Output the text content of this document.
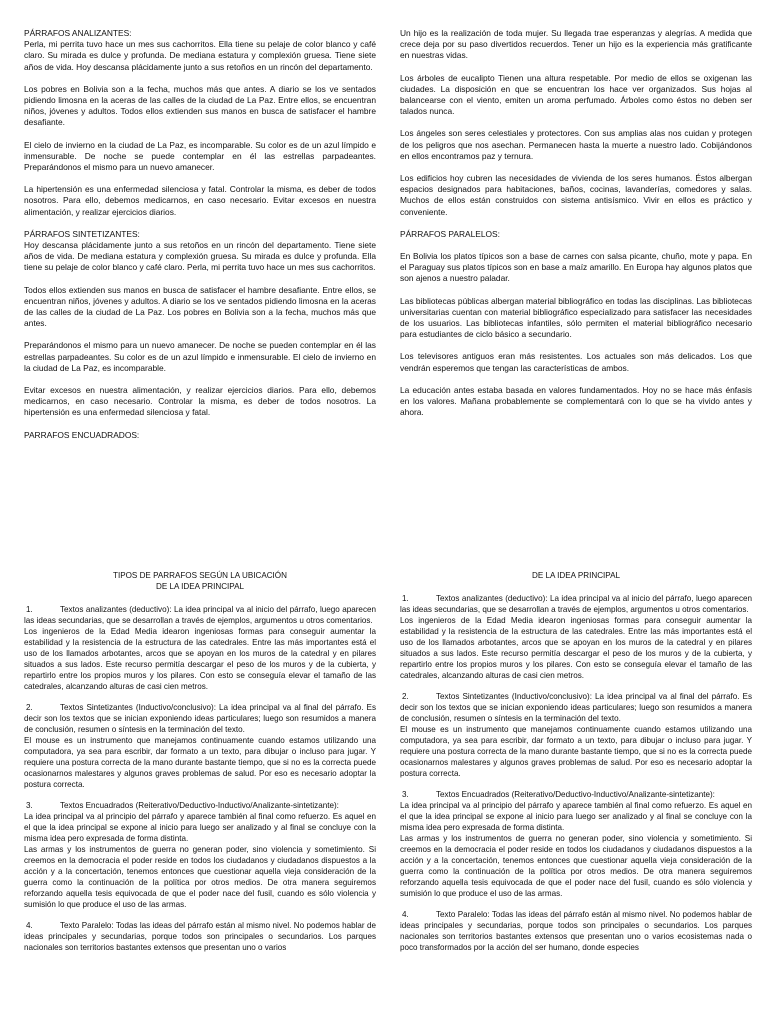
PÁRRAFOS ANALIZANTES:

Perla, mi perrita tuvo hace un mes sus cachorritos. Ella tiene su pelaje de color blanco y café claro. Su mirada es dulce y profunda. De mediana estatura y complexión gruesa. Tiene siete años de vida. Hoy descansa plácidamente junto a sus retoños en un rincón del departamento.

Los pobres en Bolivia son a la fecha, muchos más que antes. A diario se los ve sentados pidiendo limosna en la aceras de las calles de la ciudad de La Paz. Entre ellos, se encuentran niños, jóvenes y adultos. Todos ellos extienden sus manos en busca de satisfacer el hambre desafiante.

El cielo de invierno en la ciudad de La Paz, es incomparable. Su color es de un azul límpido e inmensurable. De noche se puede contemplar en él las estrellas parpadeantes. Preparándonos el mismo para un nuevo amanecer.

La hipertensión es una enfermedad silenciosa y fatal. Controlar la misma, es deber de todos nosotros. Para ello, debemos medicarnos, en caso necesario. Evitar excesos en nuestra alimentación, y realizar ejercicios diarios.

PÁRRAFOS SINTETIZANTES:

Hoy descansa plácidamente junto a sus retoños en un rincón del departamento. Tiene siete años de vida. De mediana estatura y complexión gruesa. Su mirada es dulce y profunda. Ella tiene su pelaje de color blanco y café claro. Perla, mi perrita tuvo hace un mes sus cachorritos.

Todos ellos extienden sus manos en busca de satisfacer el hambre desafiante. Entre ellos, se encuentran niños, jóvenes y adultos. A diario se los ve sentados pidiendo limosna en la aceras de las calles de la ciudad de La Paz. Los pobres en Bolivia son a la fecha, muchos más que antes.

Preparándonos el mismo para un nuevo amanecer. De noche se pueden contemplar en él las estrellas parpadeantes. Su color es de un azul límpido e inmensurable. El cielo de invierno en la ciudad de La Paz, es incomparable.

Evitar excesos en nuestra alimentación, y realizar ejercicios diarios. Para ello, debemos medicarnos, en caso necesario. Controlar la misma, es deber de todos nosotros. La hipertensión es una enfermedad silenciosa y fatal.

PARRAFOS ENCUADRADOS:

Un hijo es la realización de toda mujer. Su llegada trae esperanzas y alegrías. A medida que crece deja por su paso divertidos recuerdos. Tener un hijo es la experiencia más gratificante en nuestras vidas.

Los árboles de eucalipto Tienen una altura respetable. Por medio de ellos se oxigenan las ciudades. La disposición en que se encuentran los hace ver organizados. Sus hojas al balancearse con el viento, emiten un aroma perfumado. Árboles como éstos no deben ser talados nunca.

Los ángeles son seres celestiales y protectores. Con sus amplias alas nos cuidan y protegen de los peligros que nos asechan. Permanecen hasta la muerte a nuestro lado. Cobijándonos en ellos encontramos paz y ternura.

Los edificios hoy cubren las necesidades de vivienda de los seres humanos. Éstos albergan espacios designados para habitaciones, baños, cocinas, lavanderías, comedores y salas. Muchos de ellos están construidos con sistema antisísmico. Vivir en ellos es práctico y conveniente.

PÁRRAFOS PARALELOS:

En Bolivia los platos típicos son a base de carnes con salsa picante, chuño, mote y papa. En el Paraguay sus platos típicos son en base a maíz amarillo. En Europa hay algunos platos que son ajenos a nuestro paladar.

Las bibliotecas públicas albergan material bibliográfico en todas las disciplinas. Las bibliotecas universitarias cuentan con material bibliográfico especializado para satisfacer las necesidades de los usuarios. Las bibliotecas infantiles, sólo permiten el material bibliográfico necesario para estudiantes de ciclo básico a secundario.

Los televisores antiguos eran más resistentes. Los actuales son más delicados. Los que vendrán esperemos que tengan las características de ambos.

La educación antes estaba basada en valores fundamentados. Hoy no se hace más énfasis en los valores. Mañana probablemente se complementará con lo que se ha vivido antes y ahora.

TIPOS DE PARRAFOS SEGÚN LA UBICACIÓN
DE LA IDEA PRINCIPAL

1.	Textos analizantes (deductivo): La idea principal va al inicio del párrafo, luego aparecen las ideas secundarias, que se desarrollan a través de ejemplos, argumentos u otros comentarios.

Los ingenieros de la Edad Media idearon ingeniosas formas para conseguir aumentar la estabilidad y la resistencia de la estructura de las catedrales. Entre las más importantes está el uso de los llamados arbotantes, arcos que se apoyan en los muros de la catedral y en pilares situados a sus lados. Este recurso permitía descargar el peso de los muros y de la cubierta, y repartirlo entre los propios muros y los pilares. Con esto se conseguía elevar el tamaño de las catedrales, alcanzando alturas de casi cien metros.

2.	Textos Sintetizantes (Inductivo/conclusivo): La idea principal va al final del párrafo. Es decir son los textos que se inician exponiendo ideas particulares; luego son resumidos a manera de conclusión, resumen o síntesis en la terminación del texto.

El mouse es un instrumento que manejamos continuamente cuando estamos utilizando una computadora, ya sea para escribir, dar formato a un texto, para dibujar o incluso para jugar. Y requiere una postura correcta de la mano durante bastante tiempo, que si no es la correcta puede ocasionarnos malestares y algunos graves problemas de salud. Por eso es necesario adoptar la postura correcta.

3.	Textos Encuadrados (Reiterativo/Deductivo-Inductivo/Analizante-sintetizante):

La idea principal va al principio del párrafo y aparece también al final como refuerzo. Es aquel en el que la idea principal se expone al inicio para luego ser analizado y al final se concluye con la misma idea pero expresada de forma distinta.

Las armas y los instrumentos de guerra no generan poder, sino violencia y sometimiento. Si creemos en la democracia el poder reside en todos los ciudadanos y ciudadanos dispuestos a la acción y a la concertación, tenemos entonces que cuestionar aquella vieja consideración de la guerra como la continuación de la política por otros medios. De otra manera seguiremos reforzando aquella tesis equivocada de que el poder nace del fusil, cuando es sólo violencia y sumisión lo que produce el uso de las armas.

4.	Texto Paralelo: Todas las ideas del párrafo están al mismo nivel. No podemos hablar de ideas principales y secundarias, porque todos son principales o secundarios. Los parques nacionales son territorios bastantes extensos que presentan uno o varios

DE LA IDEA PRINCIPAL

1.	Textos analizantes (deductivo): La idea principal va al inicio del párrafo, luego aparecen las ideas secundarias, que se desarrollan a través de ejemplos, argumentos u otros comentarios.

Los ingenieros de la Edad Media idearon ingeniosas formas para conseguir aumentar la estabilidad y la resistencia de la estructura de las catedrales. Entre las más importantes está el uso de los llamados arbotantes, arcos que se apoyan en los muros de la catedral y en pilares situados a sus lados. Este recurso permitía descargar el peso de los muros y de la cubierta, y repartirlo entre los propios muros y los pilares. Con esto se conseguía elevar el tamaño de las catedrales, alcanzando alturas de casi cien metros.

2.	Textos Sintetizantes (Inductivo/conclusivo): La idea principal va al final del párrafo. Es decir son los textos que se inician exponiendo ideas particulares; luego son resumidos a manera de conclusión, resumen o síntesis en la terminación del texto.

El mouse es un instrumento que manejamos continuamente cuando estamos utilizando una computadora, ya sea para escribir, dar formato a un texto, para dibujar o incluso para jugar. Y requiere una postura correcta de la mano durante bastante tiempo, que si no es la correcta puede ocasionarnos malestares y algunos graves problemas de salud. Por eso es necesario adoptar la postura correcta.

3.	Textos Encuadrados (Reiterativo/Deductivo-Inductivo/Analizante-sintetizante):

La idea principal va al principio del párrafo y aparece también al final como refuerzo. Es aquel en el que la idea principal se expone al inicio para luego ser analizado y al final se concluye con la misma idea pero expresada de forma distinta.

Las armas y los instrumentos de guerra no generan poder, sino violencia y sometimiento. Si creemos en la democracia el poder reside en todos los ciudadanos y ciudadanos dispuestos a la acción y a la concertación, tenemos entonces que cuestionar aquella vieja consideración de la guerra como la continuación de la política por otros medios. De otra manera seguiremos reforzando aquella tesis equivocada de que el poder nace del fusil, cuando es sólo violencia y sumisión lo que produce el uso de las armas.

4.	Texto Paralelo: Todas las ideas del párrafo están al mismo nivel. No podemos hablar de ideas principales y secundarias, porque todos son principales o secundarios. Los parques nacionales son territorios bastantes extensos que presentan uno o varios ecosistemas nada o poco transformados por la acción del ser humano, donde especies
